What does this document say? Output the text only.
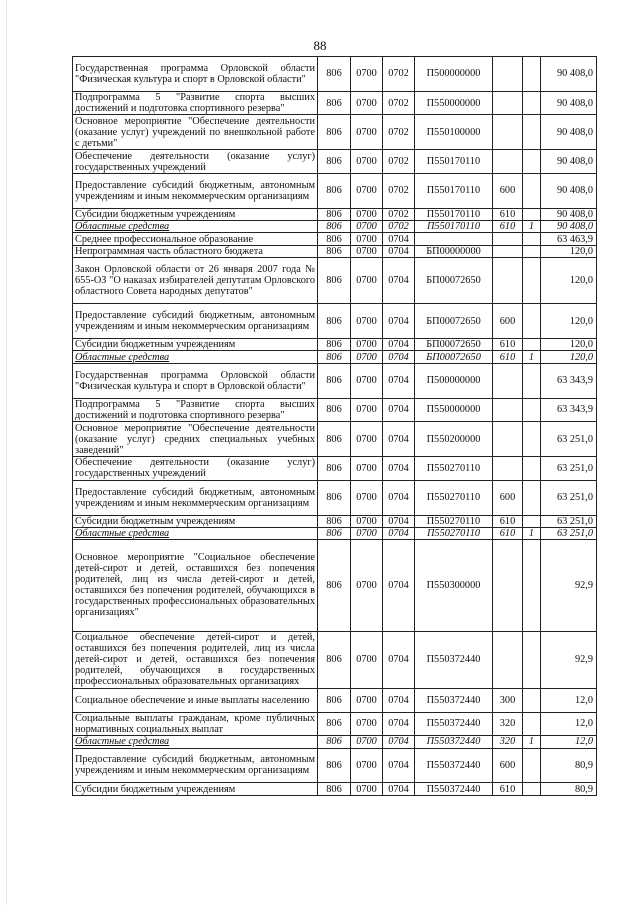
88
Государственная программа Орловской области "Физическая культура и спорт в Орловской области"	806	0700	0702	П500000000			90 408,0
Подпрограмма 5 "Развитие спорта высших достижений и подготовка спортивного резерва"	806	0700	0702	П550000000			90 408,0
Основное мероприятие "Обеспечение деятельности (оказание услуг) учреждений по внешкольной работе с детьми"	806	0700	0702	П550100000			90 408,0
Обеспечение деятельности (оказание услуг) государственных учреждений	806	0700	0702	П550170110			90 408,0
Предоставление субсидий бюджетным, автономным учреждениям и иным некоммерческим организациям	806	0700	0702	П550170110	600		90 408,0
Субсидии бюджетным учреждениям	806	0700	0702	П550170110	610		90 408,0
Областные средства	806	0700	0702	П550170110	610	1	90 408,0
Среднее профессиональное образование	806	0700	0704				63 463,9
Непрограммная часть областного бюджета	806	0700	0704	БП00000000			120,0
Закон Орловской области от 26 января 2007 года № 655-ОЗ "О наказах избирателей депутатам Орловского областного Совета народных депутатов"	806	0700	0704	БП00072650			120,0
Предоставление субсидий бюджетным, автономным учреждениям и иным некоммерческим организациям	806	0700	0704	БП00072650	600		120,0
Субсидии бюджетным учреждениям	806	0700	0704	БП00072650	610		120,0
Областные средства	806	0700	0704	БП00072650	610	1	120,0
Государственная программа Орловской области "Физическая культура и спорт в Орловской области"	806	0700	0704	П500000000			63 343,9
Подпрограмма 5 "Развитие спорта высших достижений и подготовка спортивного резерва"	806	0700	0704	П550000000			63 343,9
Основное мероприятие "Обеспечение деятельности (оказание услуг) средних специальных учебных заведений"	806	0700	0704	П550200000			63 251,0
Обеспечение деятельности (оказание услуг) государственных учреждений	806	0700	0704	П550270110			63 251,0
Предоставление субсидий бюджетным, автономным учреждениям и иным некоммерческим организациям	806	0700	0704	П550270110	600		63 251,0
Субсидии бюджетным учреждениям	806	0700	0704	П550270110	610		63 251,0
Областные средства	806	0700	0704	П550270110	610	1	63 251,0
Основное мероприятие "Социальное обеспечение детей-сирот и детей, оставшихся без попечения родителей, лиц из числа детей-сирот и детей, оставшихся без попечения родителей, обучающихся в государственных профессиональных образовательных организациях"	806	0700	0704	П550300000			92,9
Социальное обеспечение детей-сирот и детей, оставшихся без попечения родителей, лиц из числа детей-сирот и детей, оставшихся без попечения родителей, обучающихся в государственных профессиональных образовательных организациях	806	0700	0704	П550372440			92,9
Социальное обеспечение и иные выплаты населению	806	0700	0704	П550372440	300		12,0
Социальные выплаты гражданам, кроме публичных нормативных социальных выплат	806	0700	0704	П550372440	320		12,0
Областные средства	806	0700	0704	П550372440	320	1	12,0
Предоставление субсидий бюджетным, автономным учреждениям и иным некоммерческим организациям	806	0700	0704	П550372440	600		80,9
Субсидии бюджетным учреждениям	806	0700	0704	П550372440	610		80,9
